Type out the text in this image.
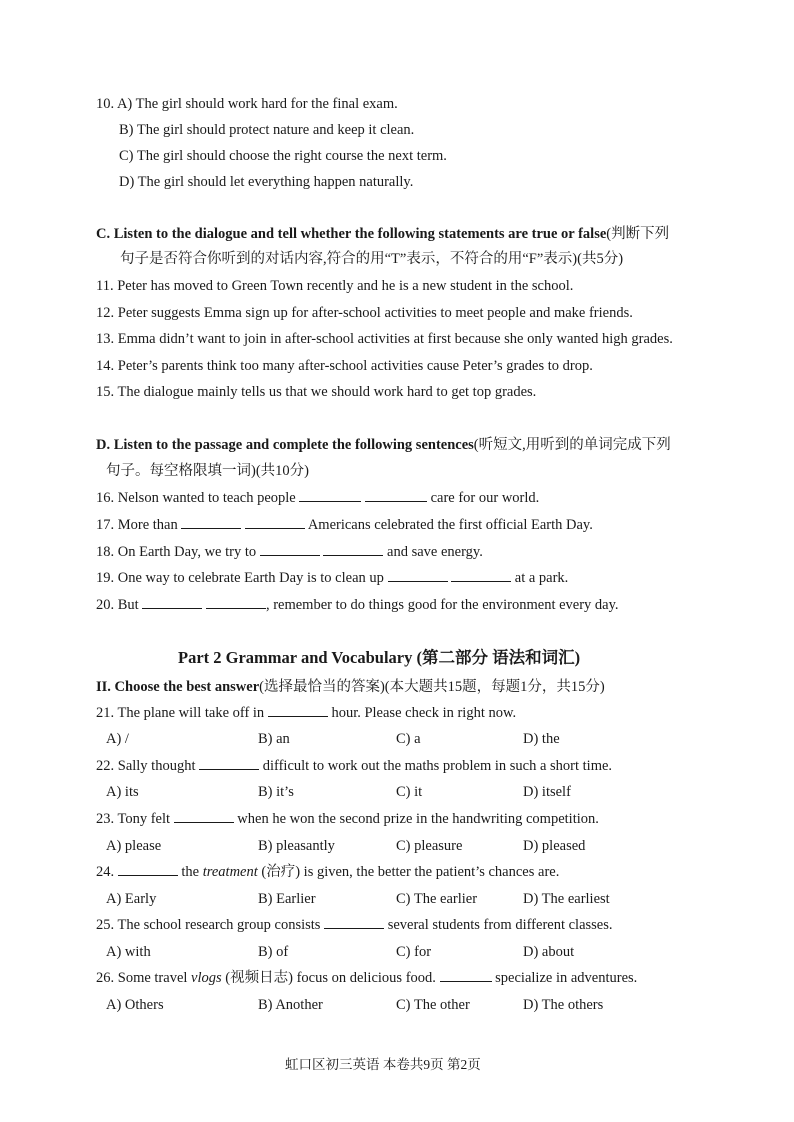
10. A) The girl should work hard for the final exam.
B) The girl should protect nature and keep it clean.
C) The girl should choose the right course the next term.
D) The girl should let everything happen naturally.
C. Listen to the dialogue and tell whether the following statements are true or false(判断下列
句子是否符合你听到的对话内容,符合的用“T”表示，不符合的用“F”表示)(共5分)
11. Peter has moved to Green Town recently and he is a new student in the school.
12. Peter suggests Emma sign up for after-school activities to meet people and make friends.
13. Emma didn’t want to join in after-school activities at first because she only wanted high grades.
14. Peter’s parents think too many after-school activities cause Peter’s grades to drop.
15. The dialogue mainly tells us that we should work hard to get top grades.
D. Listen to the passage and complete the following sentences(听短文,用听到的单词完成下列
句子。每空格限填一词)(共10分)
16. Nelson wanted to teach people	care for our world.
17. More than	Americans celebrated the first official Earth Day.
18. On Earth Day, we try to	and save energy.
19. One way to celebrate Earth Day is to clean up	at a park.
20. But	, remember to do things good for the environment every day.
Part 2 Grammar and Vocabulary (第二部分 语法和词汇)
II. Choose the best answer(选择最恰当的答案)(本大题共15题，每题1分，共15分)
21. The plane will take off in	hour. Please check in right now.
A) /	B) an	C) a	D) the
22. Sally thought	difficult to work out the maths problem in such a short time.
A) its	B) it’s	C) it	D) itself
23. Tony felt	when he won the second prize in the handwriting competition.
A) please	B) pleasantly	C) pleasure	D) pleased
24.	the treatment (治疗) is given, the better the patient’s chances are.
A) Early	B) Earlier	C) The earlier	D) The earliest
25. The school research group consists	several students from different classes.
A) with	B) of	C) for	D) about
26. Some travel vlogs (视频日志) focus on delicious food.	specialize in adventures.
A) Others	B) Another	C) The other	D) The others
虹口区初三英语 本卷共9页 第2页
